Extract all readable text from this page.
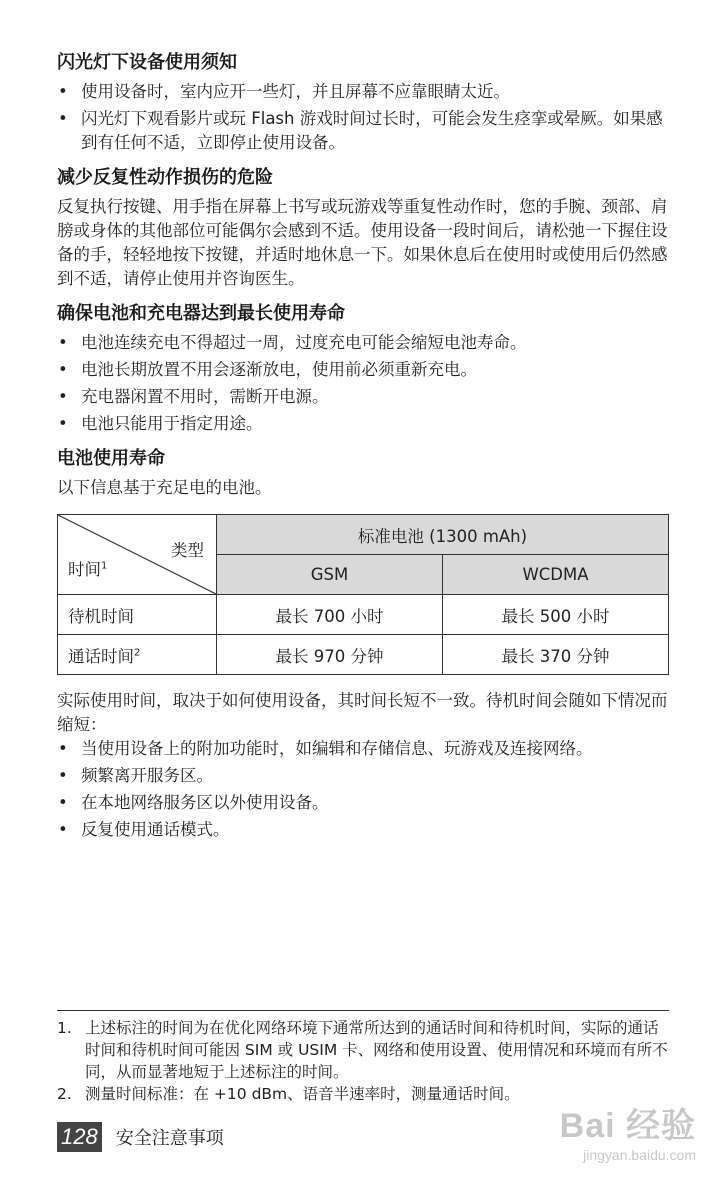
闪光灯下设备使用须知
• 使用设备时，室内应开一些灯，并且屏幕不应靠眼睛太近。
• 闪光灯下观看影片或玩 Flash 游戏时间过长时，可能会发生痉挛或晕厥。如果感到有任何不适，立即停止使用设备。
减少反复性动作损伤的危险

反复执行按键、用手指在屏幕上书写或玩游戏等重复性动作时，您的手腕、颈部、肩膀或身体的其他部位可能偶尔会感到不适。使用设备一段时间后，请松弛一下握住设备的手，轻轻地按下按键，并适时地休息一下。如果休息后在使用时或使用后仍然感到不适，请停止使用并咨询医生。

确保电池和充电器达到最长使用寿命
• 电池连续充电不得超过一周，过度充电可能会缩短电池寿命。
• 电池长期放置不用会逐渐放电，使用前必须重新充电。
• 充电器闲置不用时，需断开电源。
• 电池只能用于指定用途。
电池使用寿命

以下信息基于充足电的电池。

类型
时间$^1$	标准电池 (1300 mAh)	
	GSM	WCDMA
待机时间	最长 700 小时	最长 500 小时
通话时间$^2$	最长 970 分钟	最长 370 分钟

实际使用时间，取决于如何使用设备，其时间长短不一致。待机时间会随如下情况而缩短：

• 当使用设备上的附加功能时，如编辑和存储信息、玩游戏及连接网络。
• 频繁离开服务区。
• 在本地网络服务区以外使用设备。
• 反复使用通话模式。
1. 上述标注的时间为在优化网络环境下通常所达到的通话时间和待机时间，实际的通话时间和待机时间可能因 SIM 或 USIM 卡、网络和使用设置、使用情况和环境而有所不同，从而显著地短于上述标注的时间。
2. 测量时间标准：在 +10 dBm、语音半速率时，测量通话时间。
128 安全注意事项	Bai 经验
jingyan.baidu.com
